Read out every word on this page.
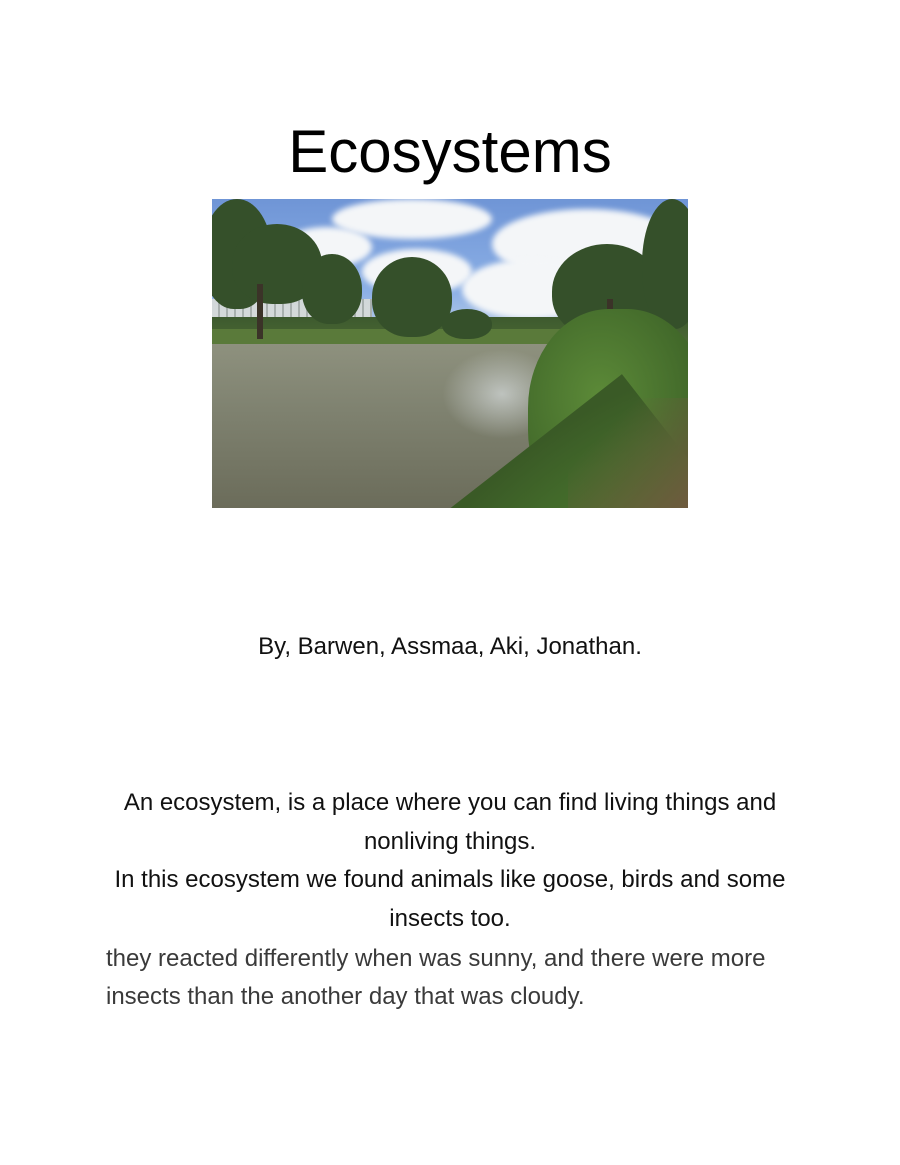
Ecosystems
By, Barwen, Assmaa, Aki, Jonathan.

An ecosystem, is a place where you can find living things and nonliving things.

In this ecosystem we found animals like goose, birds and some insects too.

they reacted differently when was sunny, and there were more insects than the another day that was cloudy.
